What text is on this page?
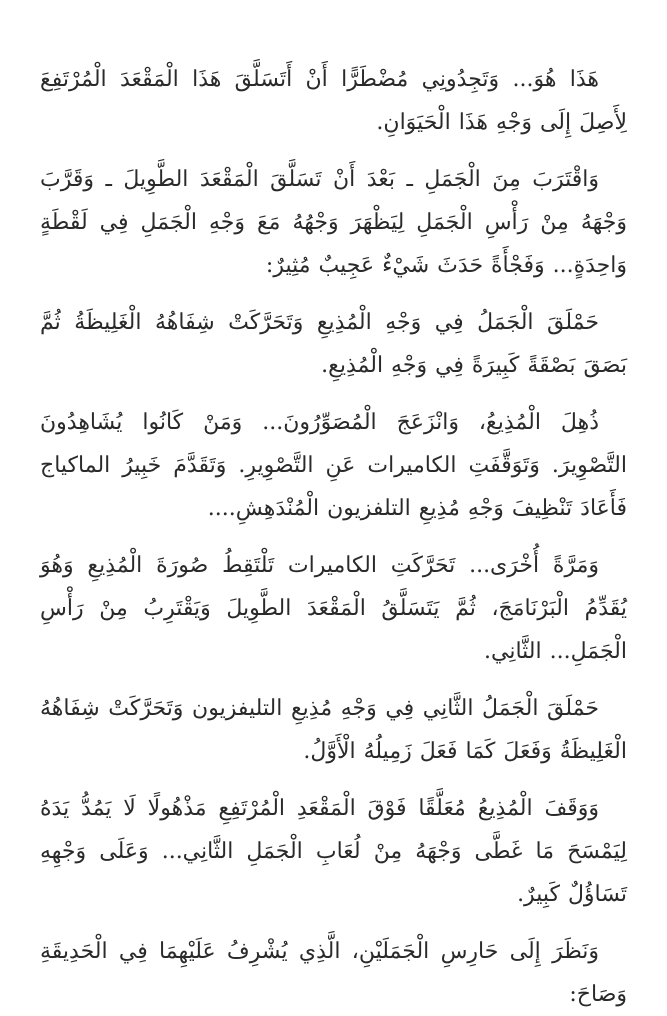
هَذَا هُوَ... وَتَجِدُونِي مُضْطَرًّا أَنْ أَتَسَلَّقَ هَذَا الْمَقْعَدَ الْمُرْتَفِعَ لِأَصِلَ إِلَى وَجْهِ هَذَا الْحَيَوَانِ.

وَاقْتَرَبَ مِنَ الْجَمَلِ ـ بَعْدَ أَنْ تَسَلَّقَ الْمَقْعَدَ الطَّوِيلَ ـ وَقَرَّبَ وَجْهَهُ مِنْ رَأْسِ الْجَمَلِ لِيَظْهَرَ وَجْهُهُ مَعَ وَجْهِ الْجَمَلِ فِي لَقْطَةٍ وَاحِدَةٍ... وَفَجْأَةً حَدَثَ شَيْءٌ عَجِيبٌ مُثِيرٌ:

حَمْلَقَ الْجَمَلُ فِي وَجْهِ الْمُذِيعِ وَتَحَرَّكَتْ شِفَاهُهُ الْغَلِيظَةُ ثُمَّ بَصَقَ بَصْقَةً كَبِيرَةً فِي وَجْهِ الْمُذِيعِ.

ذُهِلَ الْمُذِيعُ، وَانْزَعَجَ الْمُصَوِّرُونَ... وَمَنْ كَانُوا يُشَاهِدُونَ التَّصْوِيرَ. وَتَوَقَّفَتِ الكاميرات عَنِ التَّصْوِيرِ. وَتَقَدَّمَ خَبِيرُ الماكياج فَأَعَادَ تَنْظِيفَ وَجْهِ مُذِيعِ التلفزيون الْمُنْدَهِشِ....

وَمَرَّةً أُخْرَى... تَحَرَّكَتِ الكاميرات تَلْتَقِطُ صُورَةَ الْمُذِيعِ وَهُوَ يُقَدِّمُ الْبَرْنَامَجَ، ثُمَّ يَتَسَلَّقُ الْمَقْعَدَ الطَّوِيلَ وَيَقْتَرِبُ مِنْ رَأْسِ الْجَمَلِ... الثَّانِي.

حَمْلَقَ الْجَمَلُ الثَّانِي فِي وَجْهِ مُذِيعِ التليفزيون وَتَحَرَّكَتْ شِفَاهُهُ الْغَلِيظَةُ وَفَعَلَ كَمَا فَعَلَ زَمِيلُهُ الْأَوَّلُ.

وَوَقَفَ الْمُذِيعُ مُعَلَّقًا فَوْقَ الْمَقْعَدِ الْمُرْتَفِعِ مَذْهُولًا لَا يَمُدُّ يَدَهُ لِيَمْسَحَ مَا غَطَّى وَجْهَهُ مِنْ لُعَابِ الْجَمَلِ الثَّانِي... وَعَلَى وَجْهِهِ تَسَاؤُلٌ كَبِيرٌ.

وَنَظَرَ إِلَى حَارِسِ الْجَمَلَيْنِ، الَّذِي يُشْرِفُ عَلَيْهِمَا فِي الْحَدِيقَةِ وَصَاحَ:
